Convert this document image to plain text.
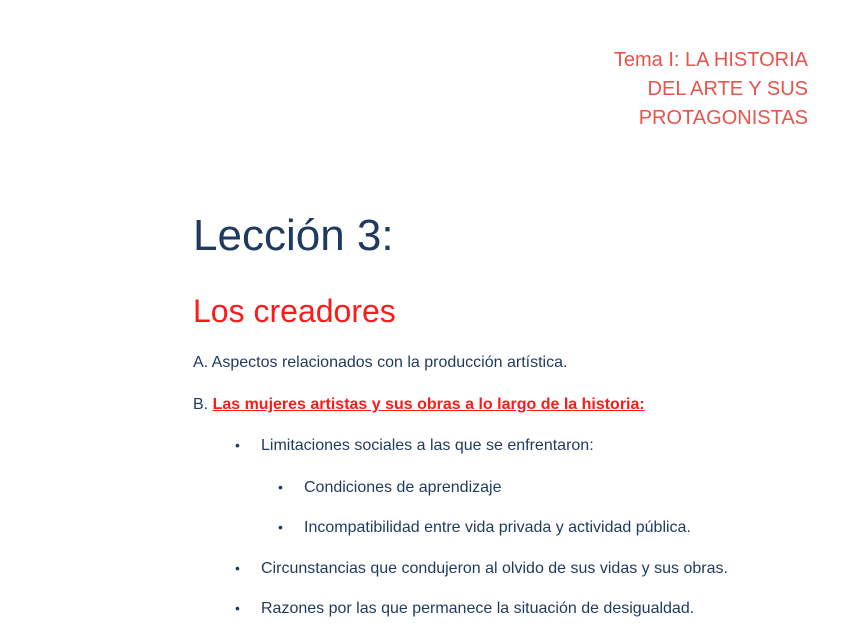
Tema I: LA HISTORIA
DEL ARTE Y SUS
PROTAGONISTAS
Lección 3:
Los creadores
A. Aspectos relacionados con la producción artística.
B. Las mujeres artistas y sus obras a lo largo de la historia:
• Limitaciones sociales a las que se enfrentaron:
• Condiciones de aprendizaje
• Incompatibilidad entre vida privada y actividad pública.
• Circunstancias que condujeron al olvido de sus vidas y sus obras.
• Razones por las que permanece la situación de desigualdad.
